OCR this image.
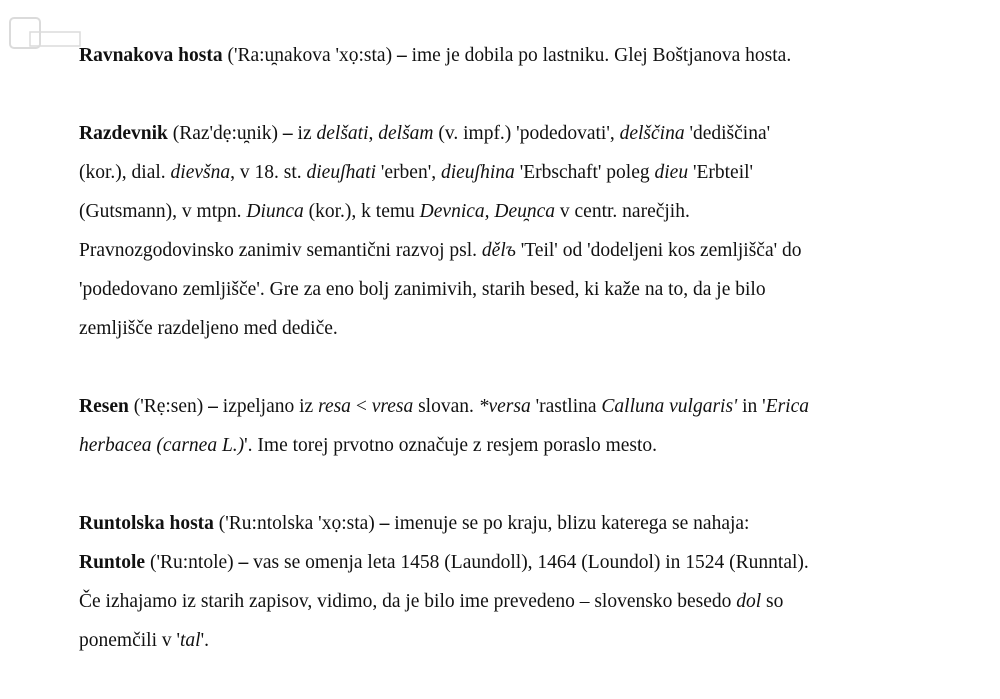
Ravnakova hosta ('Ra:u̯nakova 'xọ:sta) – ime je dobila po lastniku. Glej Boštjanova hosta.

Razdevnik (Raz'dẹ:u̯nik) – iz delšati, delšam (v. impf.) 'podedovati', delščina 'dediščina'

(kor.), dial. dievšna, v 18. st. dieuʃhati 'erben', dieuʃhina 'Erbschaft' poleg dieu 'Erbteil'

(Gutsmann), v mtpn. Diunca (kor.), k temu Devnica, Deu̯nca v centr. narečjih.

Pravnozgodovinsko zanimiv semantični razvoj psl. dělъ 'Teil' od 'dodeljeni kos zemljišča' do

'podedovano zemljišče'. Gre za eno bolj zanimivih, starih besed, ki kaže na to, da je bilo

zemljišče razdeljeno med dediče.

Resen ('Rẹ:sen) – izpeljano iz resa < vresa slovan. *versa 'rastlina Calluna vulgaris' in 'Erica

herbacea (carnea L.)'. Ime torej prvotno označuje z resjem poraslo mesto.

Runtolska hosta ('Ru:ntolska 'xọ:sta) – imenuje se po kraju, blizu katerega se nahaja:

Runtole ('Ru:ntole) – vas se omenja leta 1458 (Laundoll), 1464 (Loundol) in 1524 (Runntal).

Če izhajamo iz starih zapisov, vidimo, da je bilo ime prevedeno – slovensko besedo dol so

ponemčili v 'tal'.
